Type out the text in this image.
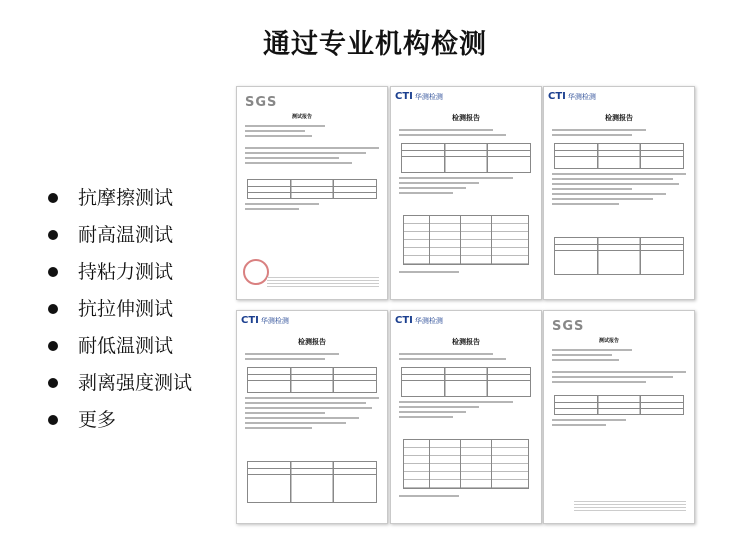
通过专业机构检测
抗摩擦测试
耐高温测试
持粘力测试
抗拉伸测试
耐低温测试
剥离强度测试
更多
SGS
测试报告
CTI 华测检测
检测报告
CTI 华测检测
检测报告
CTI 华测检测
检测报告
CTI 华测检测
检测报告
SGS
测试报告
